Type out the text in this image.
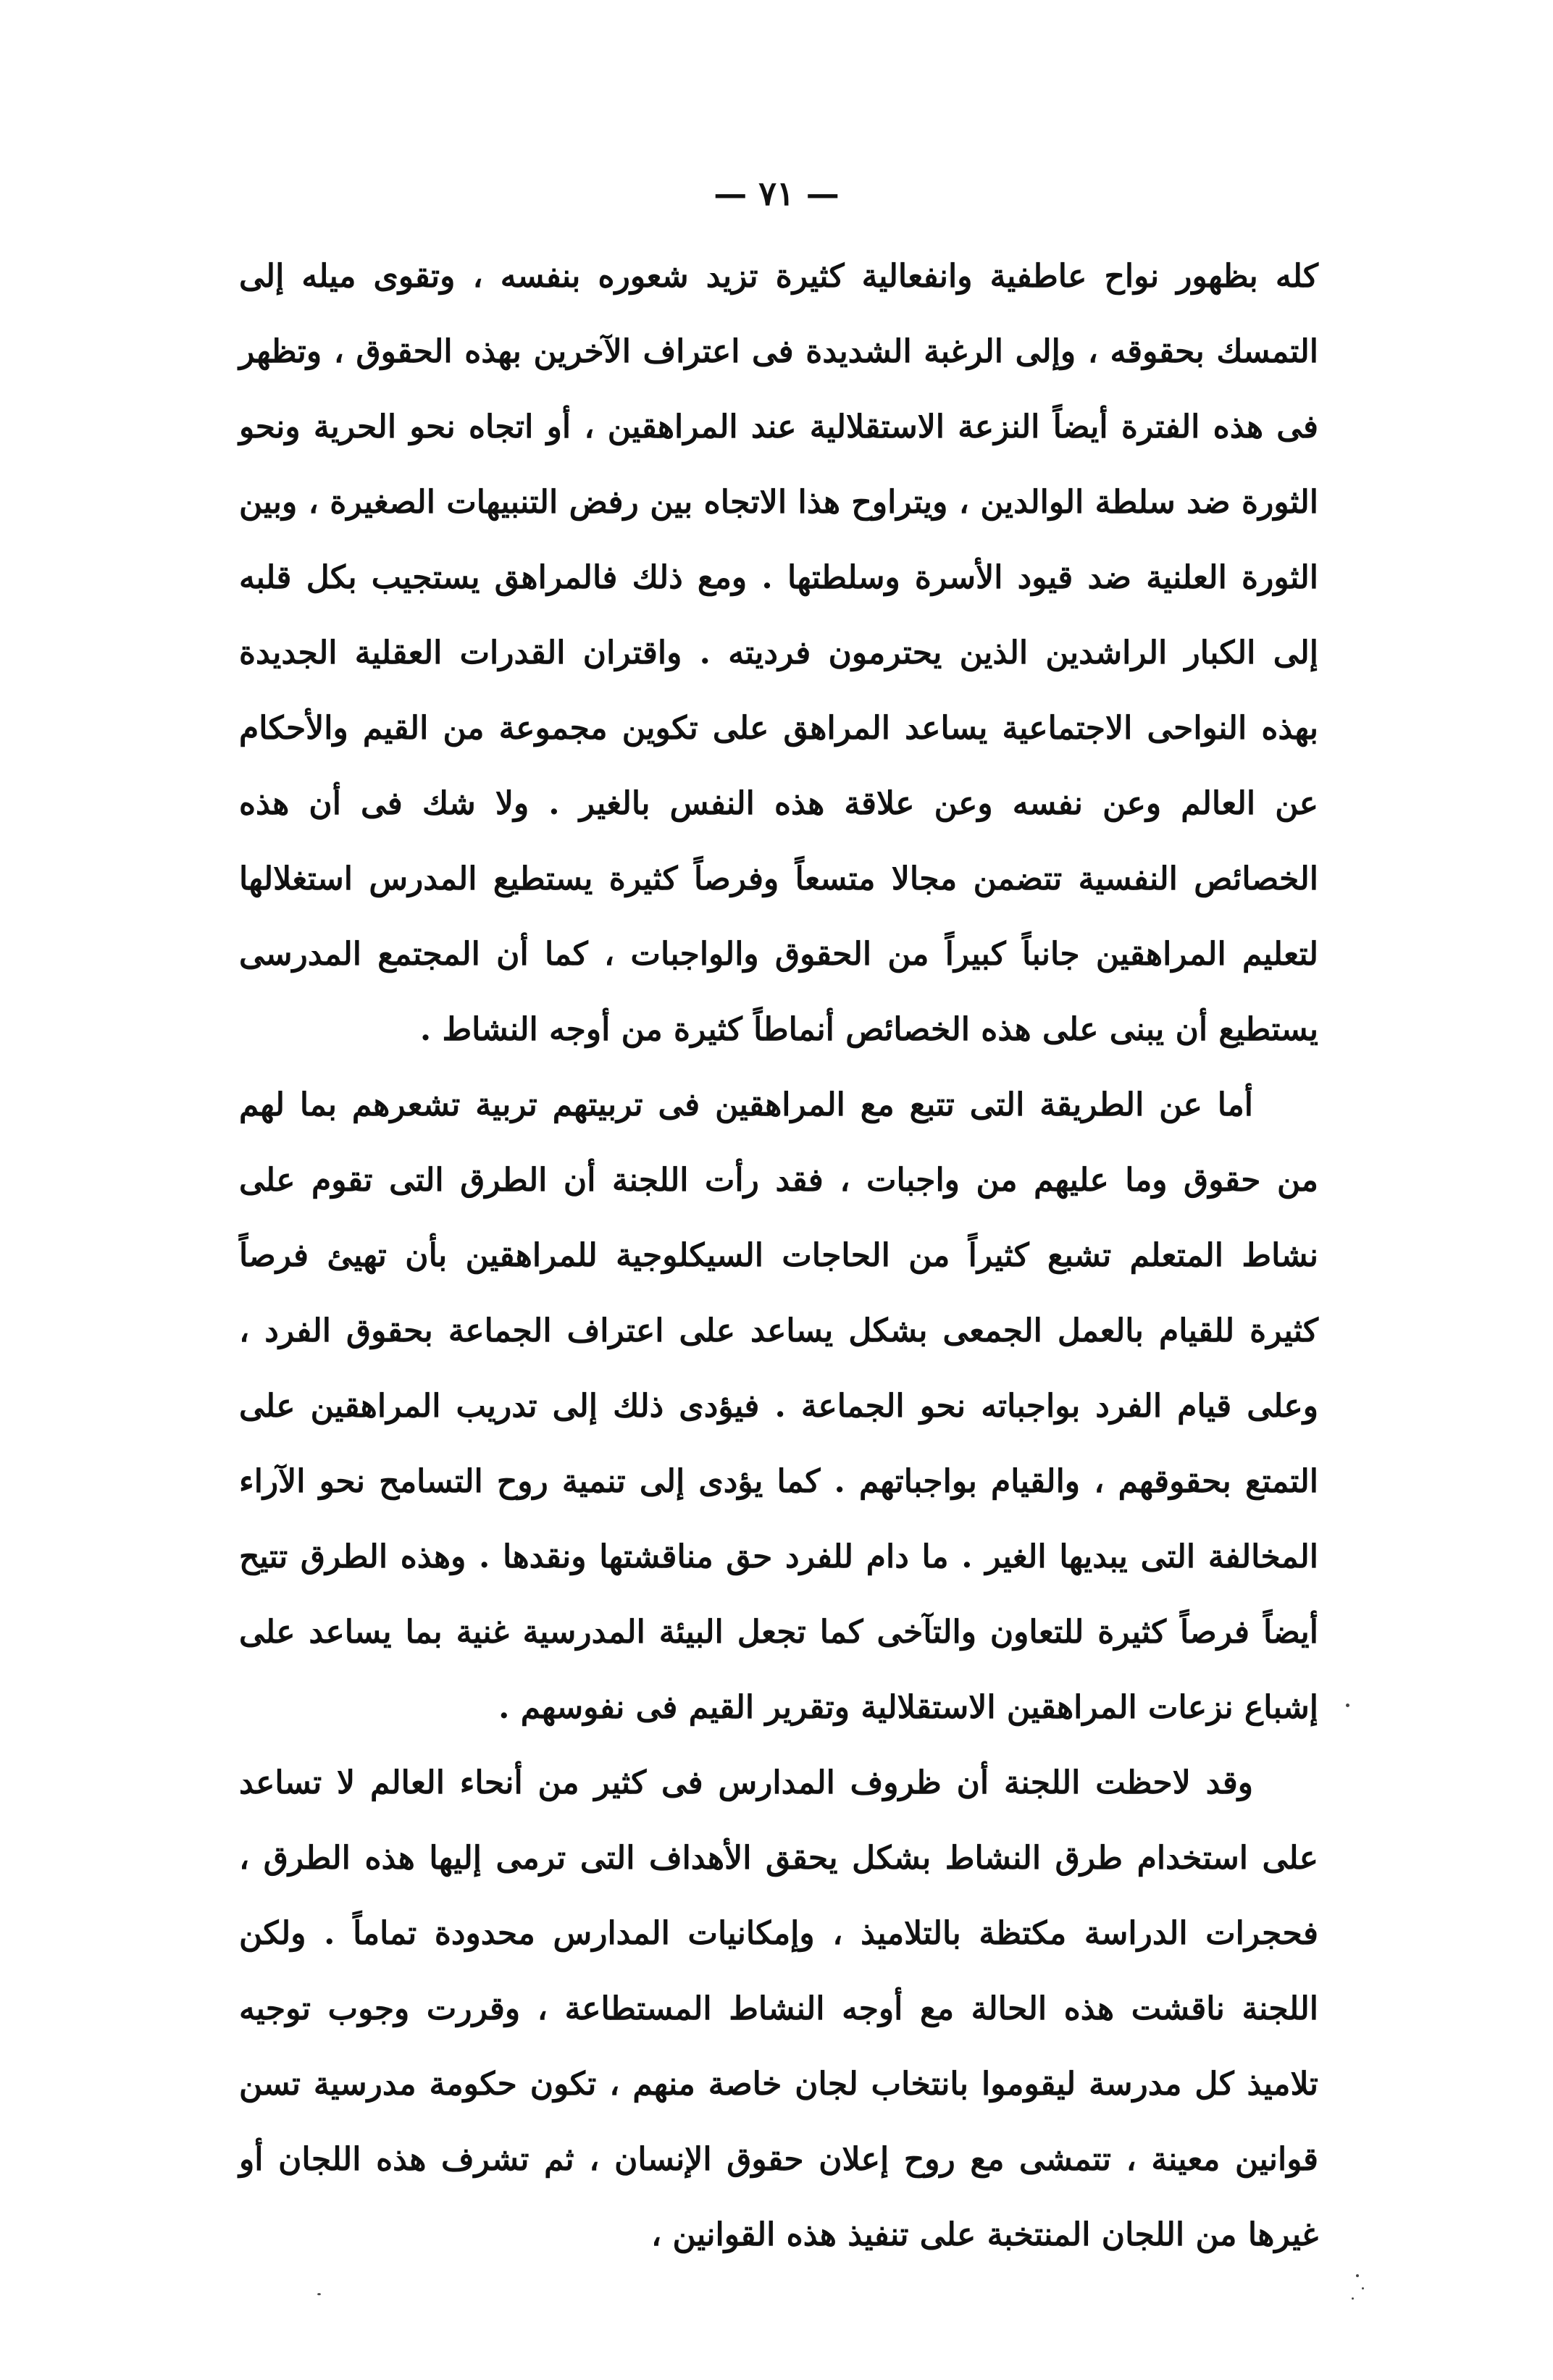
— ٧١ —

كله بظهور نواح عاطفية وانفعالية كثيرة تزيد شعوره بنفسه ، وتقوى ميله إلى التمسك بحقوقه ، وإلى الرغبة الشديدة فى اعتراف الآخرين بهذه الحقوق ، وتظهر فى هذه الفترة أيضاً النزعة الاستقلالية عند المراهقين ، أو اتجاه نحو الحرية ونحو الثورة ضد سلطة الوالدين ، ويتراوح هذا الاتجاه بين رفض التنبيهات الصغيرة ، وبين الثورة العلنية ضد قيود الأسرة وسلطتها . ومع ذلك فالمراهق يستجيب بكل قلبه إلى الكبار الراشدين الذين يحترمون فرديته . واقتران القدرات العقلية الجديدة بهذه النواحى الاجتماعية يساعد المراهق على تكوين مجموعة من القيم والأحكام عن العالم وعن نفسه وعن علاقة هذه النفس بالغير . ولا شك فى أن هذه الخصائص النفسية تتضمن مجالا متسعاً وفرصاً كثيرة يستطيع المدرس استغلالها لتعليم المراهقين جانباً كبيراً من الحقوق والواجبات ، كما أن المجتمع المدرسى يستطيع أن يبنى على هذه الخصائص أنماطاً كثيرة من أوجه النشاط .

أما عن الطريقة التى تتبع مع المراهقين فى تربيتهم تربية تشعرهم بما لهم من حقوق وما عليهم من واجبات ، فقد رأت اللجنة أن الطرق التى تقوم على نشاط المتعلم تشبع كثيراً من الحاجات السيكلوجية للمراهقين بأن تهيئ فرصاً كثيرة للقيام بالعمل الجمعى بشكل يساعد على اعتراف الجماعة بحقوق الفرد ، وعلى قيام الفرد بواجباته نحو الجماعة . فيؤدى ذلك إلى تدريب المراهقين على التمتع بحقوقهم ، والقيام بواجباتهم . كما يؤدى إلى تنمية روح التسامح نحو الآراء المخالفة التى يبديها الغير . ما دام للفرد حق مناقشتها ونقدها . وهذه الطرق تتيح أيضاً فرصاً كثيرة للتعاون والتآخى كما تجعل البيئة المدرسية غنية بما يساعد على إشباع نزعات المراهقين الاستقلالية وتقرير القيم فى نفوسهم .

وقد لاحظت اللجنة أن ظروف المدارس فى كثير من أنحاء العالم لا تساعد على استخدام طرق النشاط بشكل يحقق الأهداف التى ترمى إليها هذه الطرق ، فحجرات الدراسة مكتظة بالتلاميذ ، وإمكانيات المدارس محدودة تماماً . ولكن اللجنة ناقشت هذه الحالة مع أوجه النشاط المستطاعة ، وقررت وجوب توجيه تلاميذ كل مدرسة ليقوموا بانتخاب لجان خاصة منهم ، تكون حكومة مدرسية تسن قوانين معينة ، تتمشى مع روح إعلان حقوق الإنسان ، ثم تشرف هذه اللجان أو غيرها من اللجان المنتخبة على تنفيذ هذه القوانين ،
